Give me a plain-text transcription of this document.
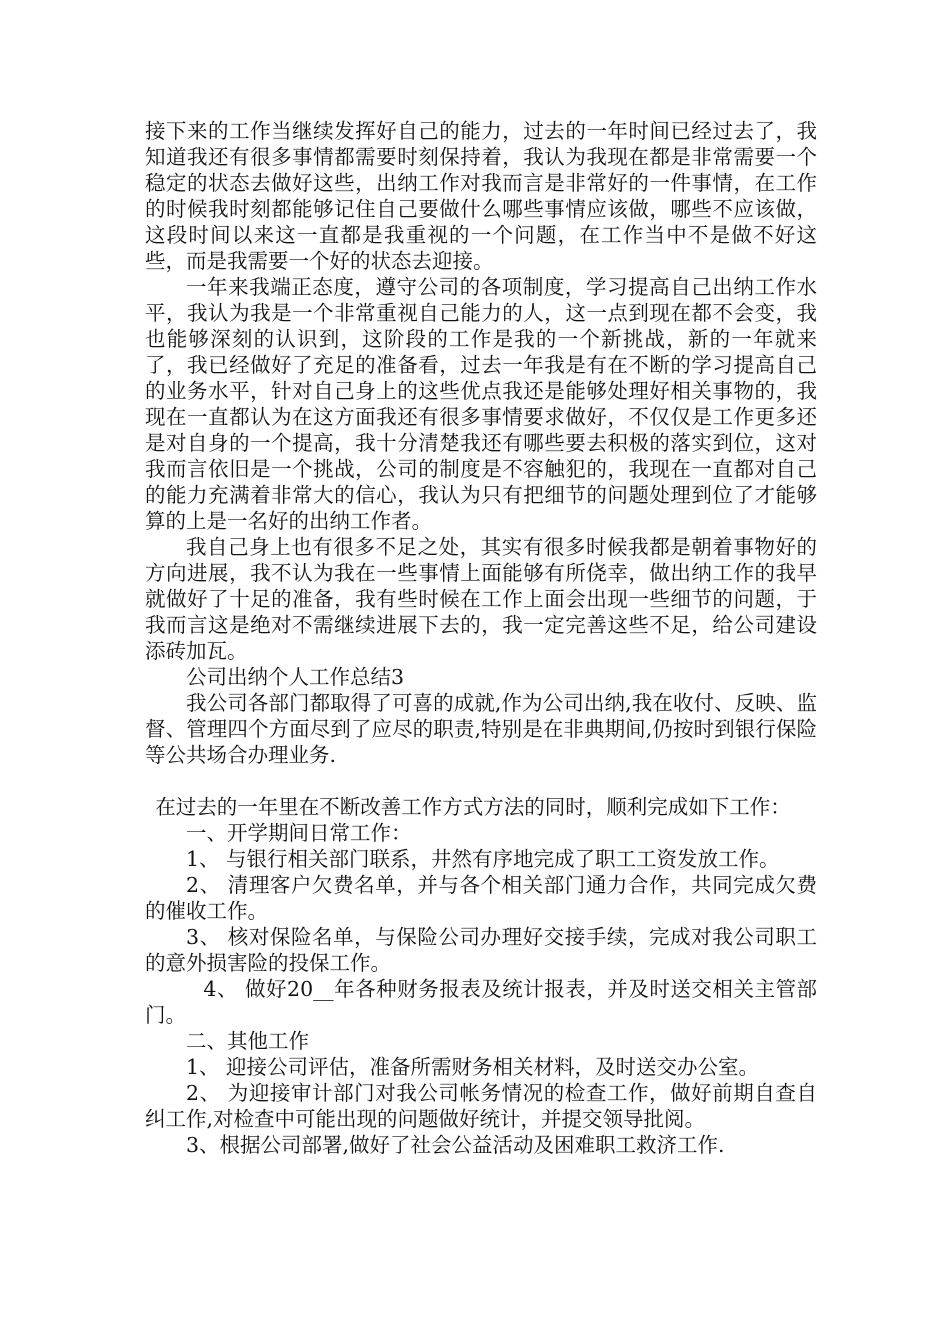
接下来的工作当继续发挥好自己的能力，过去的一年时间已经过去了，我知道我还有很多事情都需要时刻保持着，我认为我现在都是非常需要一个稳定的状态去做好这些，出纳工作对我而言是非常好的一件事情，在工作的时候我时刻都能够记住自己要做什么哪些事情应该做，哪些不应该做，这段时间以来这一直都是我重视的一个问题，在工作当中不是做不好这些，而是我需要一个好的状态去迎接。

一年来我端正态度，遵守公司的各项制度，学习提高自己出纳工作水平，我认为我是一个非常重视自己能力的人，这一点到现在都不会变，我也能够深刻的认识到，这阶段的工作是我的一个新挑战，新的一年就来了，我已经做好了充足的准备看，过去一年我是有在不断的学习提高自己的业务水平，针对自己身上的这些优点我还是能够处理好相关事物的，我现在一直都认为在这方面我还有很多事情要求做好，不仅仅是工作更多还是对自身的一个提高，我十分清楚我还有哪些要去积极的落实到位，这对我而言依旧是一个挑战，公司的制度是不容触犯的，我现在一直都对自己的能力充满着非常大的信心，我认为只有把细节的问题处理到位了才能够算的上是一名好的出纳工作者。

我自己身上也有很多不足之处，其实有很多时候我都是朝着事物好的方向进展，我不认为我在一些事情上面能够有所侥幸，做出纳工作的我早就做好了十足的准备，我有些时候在工作上面会出现一些细节的问题，于我而言这是绝对不需继续进展下去的，我一定完善这些不足，给公司建设添砖加瓦。

公司出纳个人工作总结3

我公司各部门都取得了可喜的成就,作为公司出纳,我在收付、反映、监督、管理四个方面尽到了应尽的职责,特别是在非典期间,仍按时到银行保险等公共场合办理业务.

在过去的一年里在不断改善工作方式方法的同时，顺利完成如下工作：

一、开学期间日常工作：

1、 与银行相关部门联系，井然有序地完成了职工工资发放工作。

2、 清理客户欠费名单，并与各个相关部门通力合作，共同完成欠费的催收工作。

3、 核对保险名单，与保险公司办理好交接手续，完成对我公司职工的意外损害险的投保工作。

4、 做好20__年各种财务报表及统计报表，并及时送交相关主管部门。

二、其他工作

1、 迎接公司评估，准备所需财务相关材料，及时送交办公室。

2、 为迎接审计部门对我公司帐务情况的检查工作，做好前期自查自纠工作,对检查中可能出现的问题做好统计，并提交领导批阅。

3、根据公司部署,做好了社会公益活动及困难职工救济工作.
